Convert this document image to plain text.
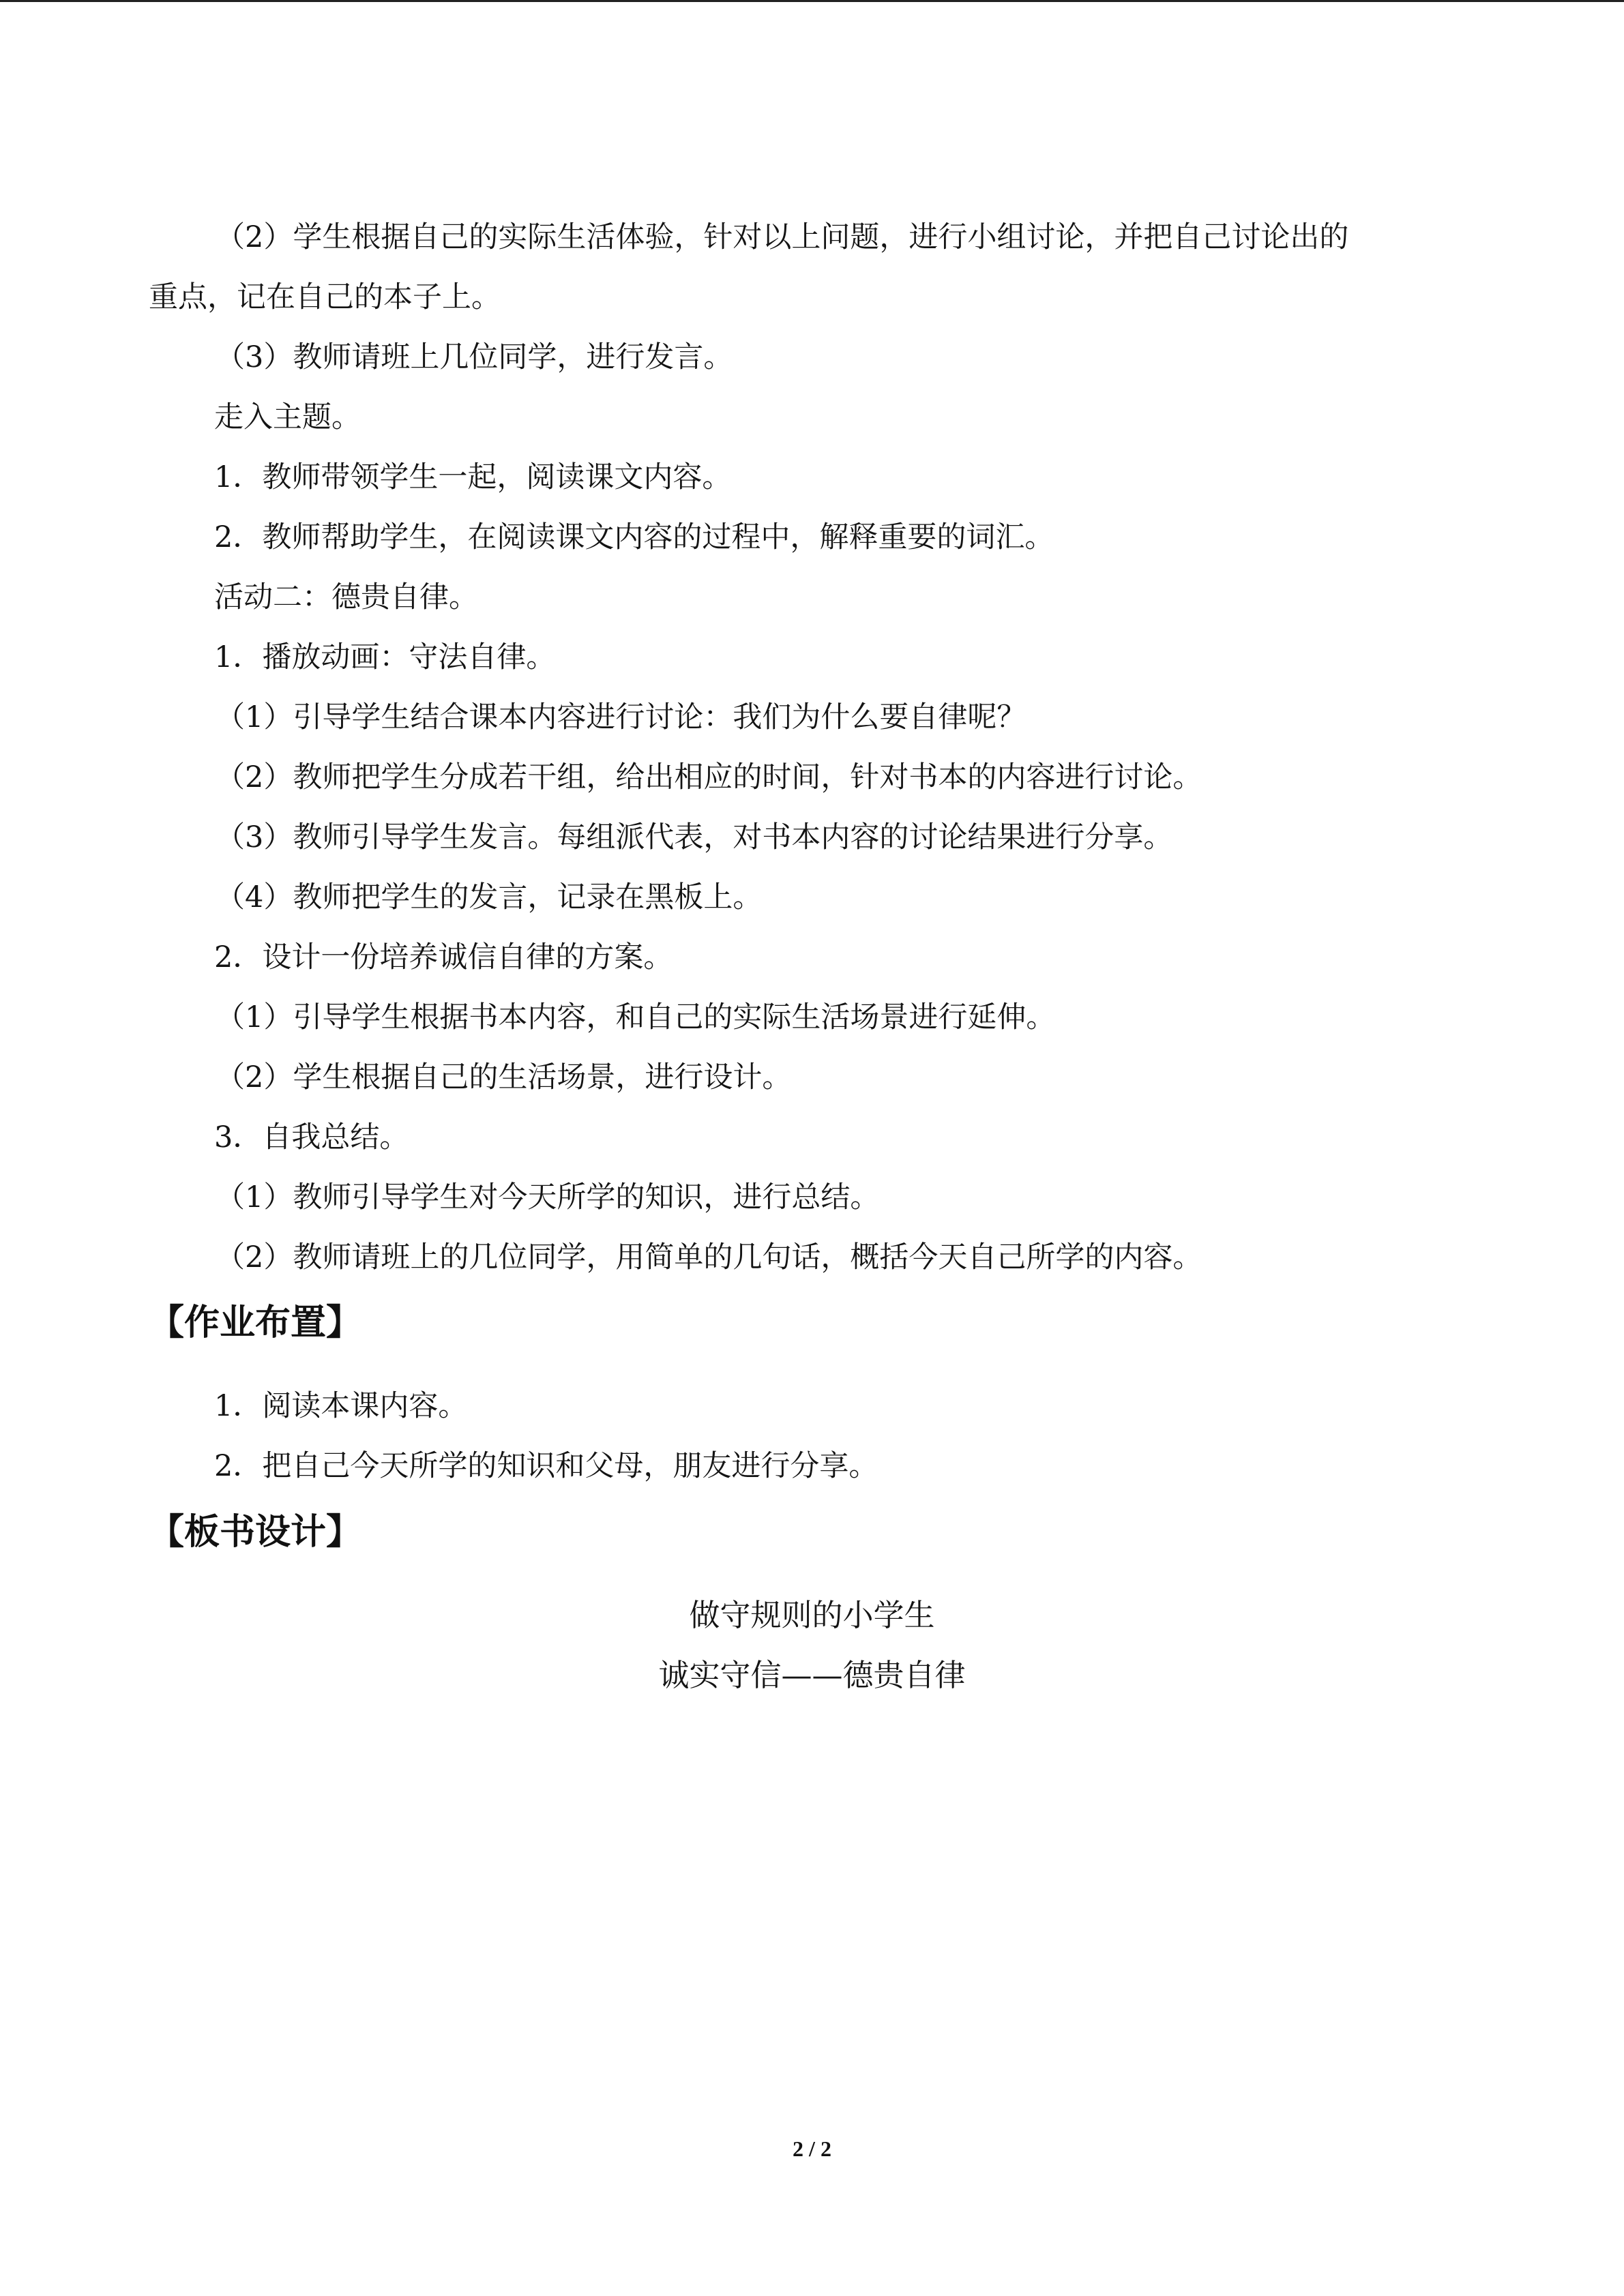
（2）学生根据自己的实际生活体验，针对以上问题，进行小组讨论，并把自己讨论出的
重点，记在自己的本子上。
（3）教师请班上几位同学，进行发言。
走入主题。
1．教师带领学生一起，阅读课文内容。
2．教师帮助学生，在阅读课文内容的过程中，解释重要的词汇。
活动二：德贵自律。
1．播放动画：守法自律。
（1）引导学生结合课本内容进行讨论：我们为什么要自律呢？
（2）教师把学生分成若干组，给出相应的时间，针对书本的内容进行讨论。
（3）教师引导学生发言。每组派代表，对书本内容的讨论结果进行分享。
（4）教师把学生的发言，记录在黑板上。
2．设计一份培养诚信自律的方案。
（1）引导学生根据书本内容，和自己的实际生活场景进行延伸。
（2）学生根据自己的生活场景，进行设计。
3．自我总结。
（1）教师引导学生对今天所学的知识，进行总结。
（2）教师请班上的几位同学，用简单的几句话，概括今天自己所学的内容。
【作业布置】
1．阅读本课内容。
2．把自己今天所学的知识和父母，朋友进行分享。
【板书设计】
做守规则的小学生
诚实守信——德贵自律
2 / 2
